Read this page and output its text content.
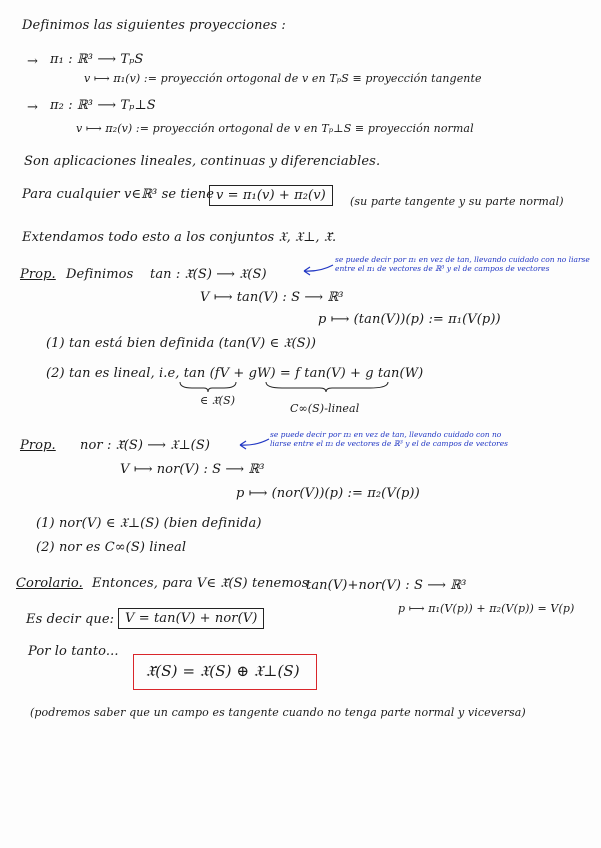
Definimos las siguientes proyecciones :
→ π₁ : ℝ³ ⟶ TₚS
v ⟼ π₁(v) := proyección ortogonal de v en TₚS ≡ proyección tangente
→ π₂ : ℝ³ ⟶ Tₚ⊥S
v ⟼ π₂(v) := proyección ortogonal de v en Tₚ⊥S ≡ proyección normal
Son aplicaciones lineales, continuas y diferenciables.
Para cualquier v∈ℝ³ se tiene v = π₁(v) + π₂(v)	(su parte tangente y su parte normal)
Extendamos todo esto a los conjuntos 𝔛, 𝔛⊥, 𝔛̄.
Prop. Definimos tan : 𝔛̄(S) ⟶ 𝔛(S)
V ⟼ tan(V) : S ⟶ ℝ³
p ⟼ (tan(V))(p) := π₁(V(p))
se puede decir por π₁ en vez de tan, llevando cuidado con no liarse entre el π₁ de vectores de ℝ³ y el de campos de vectores
(1) tan está bien definida (tan(V) ∈ 𝔛(S))
(2) tan es lineal, i.e, tan (fV + gW) = f tan(V) + g tan(W)
∈ 𝔛̄(S)
C∞(S)-lineal
Prop. nor : 𝔛̄(S) ⟶ 𝔛⊥(S)
V ⟼ nor(V) : S ⟶ ℝ³
p ⟼ (nor(V))(p) := π₂(V(p))
se puede decir por π₂ en vez de tan, llevando cuidado con no liarse entre el π₂ de vectores de ℝ³ y el de campos de vectores
(1) nor(V) ∈ 𝔛⊥(S) (bien definida)
(2) nor es C∞(S) lineal
Corolario. Entonces, para V∈ 𝔛̄(S) tenemos
tan(V)+nor(V) : S ⟶ ℝ³
p ⟼ π₁(V(p)) + π₂(V(p)) = V(p)
Es decir que: V = tan(V) + nor(V)
Por lo tanto...
𝔛̄(S) = 𝔛(S) ⊕ 𝔛⊥(S)
(podremos saber que un campo es tangente cuando no tenga parte normal y viceversa)
